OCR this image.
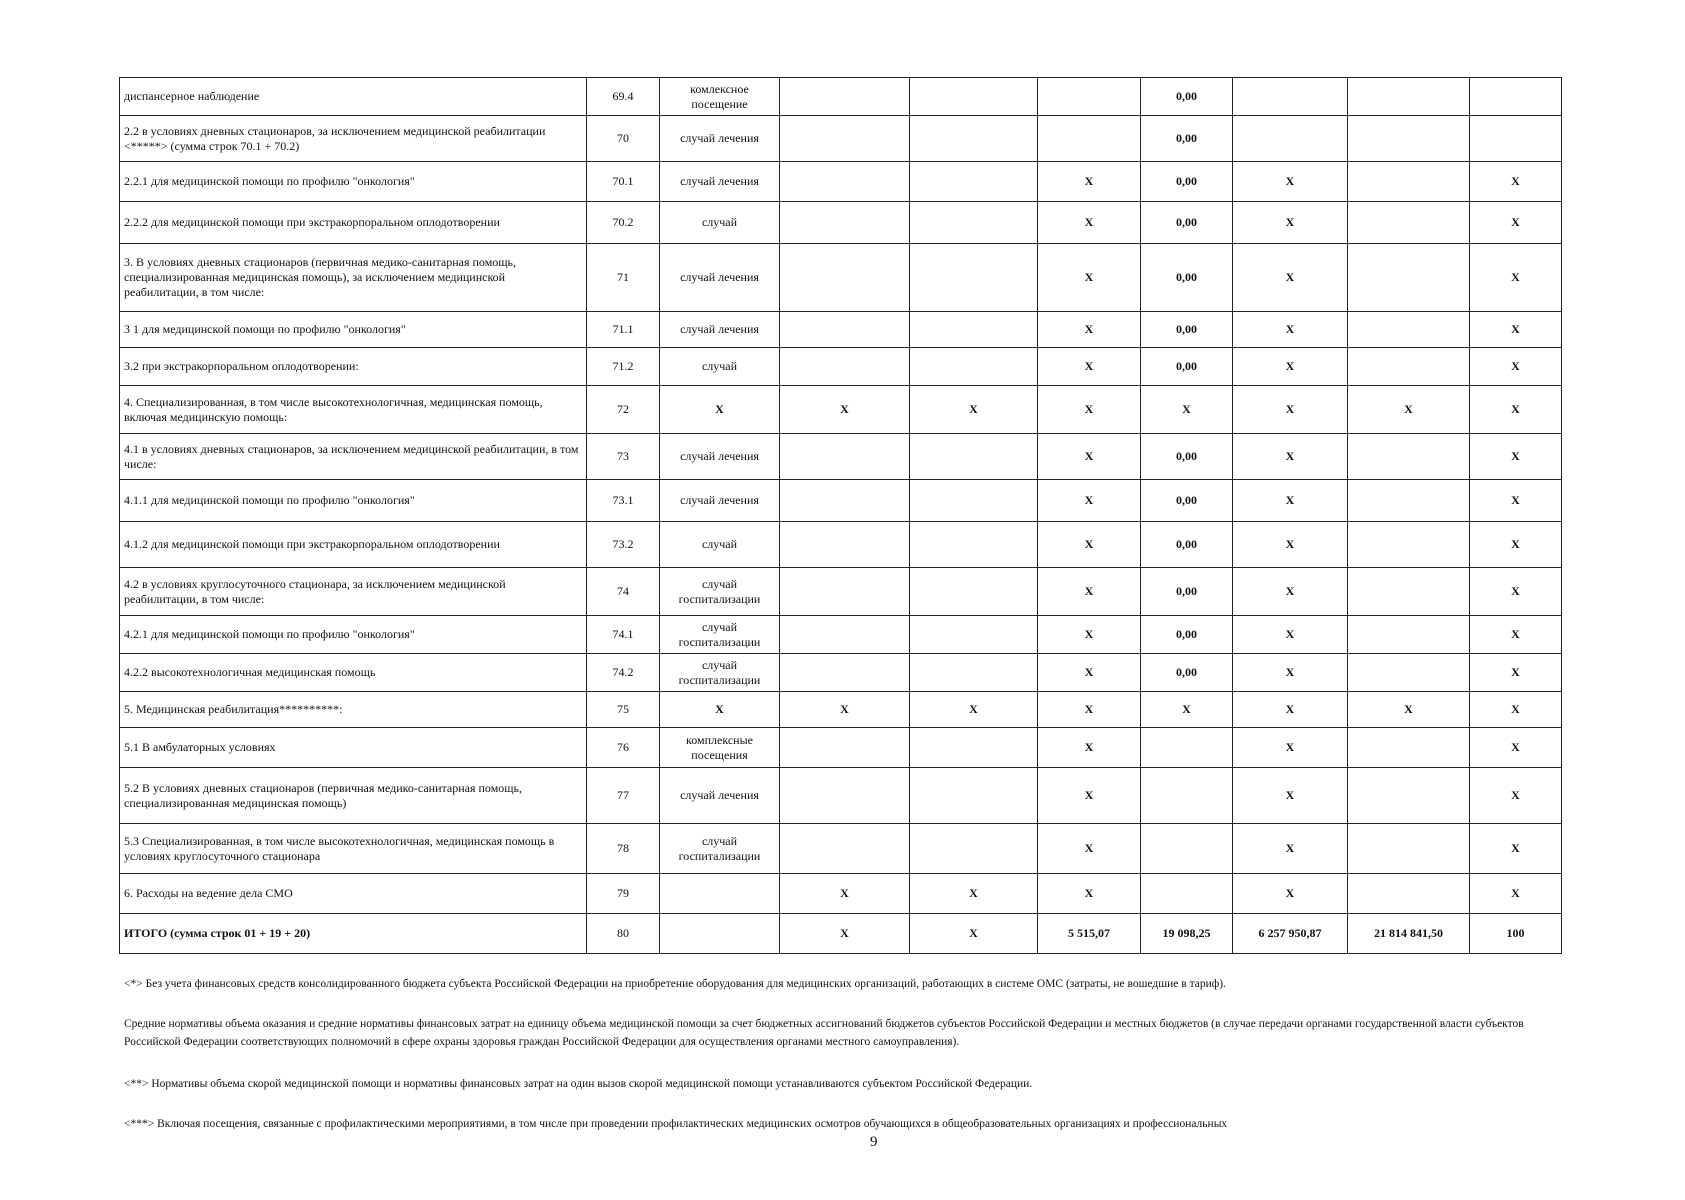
диспансерное наблюдение	69.4	комлексное посещение				0,00			
2.2 в условиях дневных стационаров, за исключением медицинской реабилитации <*****> (сумма строк 70.1 + 70.2)	70	случай лечения				0,00			
2.2.1 для медицинской помощи по профилю "онкология"	70.1	случай лечения			X	0,00	X		X
2.2.2 для медицинской помощи при экстракорпоральном оплодотворении	70.2	случай			X	0,00	X		X
3. В условиях дневных стационаров (первичная медико-санитарная помощь, специализированная медицинская помощь), за исключением медицинской реабилитации, в том числе:	71	случай лечения			X	0,00	X		X
3 1 для медицинской помощи по профилю "онкология"	71.1	случай лечения			X	0,00	X		X
3.2 при экстракорпоральном оплодотворении:	71.2	случай			X	0,00	X		X
4. Специализированная, в том числе высокотехнологичная, медицинская помощь, включая медицинскую помощь:	72	X	X	X	X	X	X	X	X
4.1 в условиях дневных стационаров, за исключением медицинской реабилитации, в том числе:	73	случай лечения			X	0,00	X		X
4.1.1 для медицинской помощи по профилю "онкология"	73.1	случай лечения			X	0,00	X		X
4.1.2 для медицинской помощи при экстракорпоральном оплодотворении	73.2	случай			X	0,00	X		X
4.2 в условиях круглосуточного стационара, за исключением медицинской реабилитации, в том числе:	74	случай госпитализации			X	0,00	X		X
4.2.1 для медицинской помощи по профилю "онкология"	74.1	случай госпитализации			X	0,00	X		X
4.2.2 высокотехнологичная медицинская помощь	74.2	случай госпитализации			X	0,00	X		X
5. Медицинская реабилитация**********:	75	X	X	X	X	X	X	X	X
5.1 В амбулаторных условиях	76	комплексные посещения			X		X		X
5.2 В условиях дневных стационаров (первичная медико-санитарная помощь, специализированная медицинская помощь)	77	случай лечения			X		X		X
5.3 Специализированная, в том числе высокотехнологичная, медицинская помощь в условиях круглосуточного стационара	78	случай госпитализации			X		X		X
6. Расходы на ведение дела СМО	79		X	X	X		X		X
ИТОГО (сумма строк 01 + 19 + 20)	80		X	X	5 515,07	19 098,25	6 257 950,87	21 814 841,50	100

<*> Без учета финансовых средств консолидированного бюджета субъекта Российской Федерации на приобретение оборудования для медицинских организаций, работающих в системе ОМС (затраты, не вошедшие в тариф).

Средние нормативы объема оказания и средние нормативы финансовых затрат на единицу объема медицинской помощи за счет бюджетных ассигнований бюджетов субъектов Российской Федерации и местных бюджетов (в случае передачи органами государственной власти субъектов Российской Федерации соответствующих полномочий в сфере охраны здоровья граждан Российской Федерации для осуществления органами местного самоуправления).

<**> Нормативы объема скорой медицинской помощи и нормативы финансовых затрат на один вызов скорой медицинской помощи устанавливаются субъектом Российской Федерации.

<***> Включая посещения, связанные с профилактическими мероприятиями, в том числе при проведении профилактических медицинских осмотров обучающихся в общеобразовательных организациях и профессиональных

9
